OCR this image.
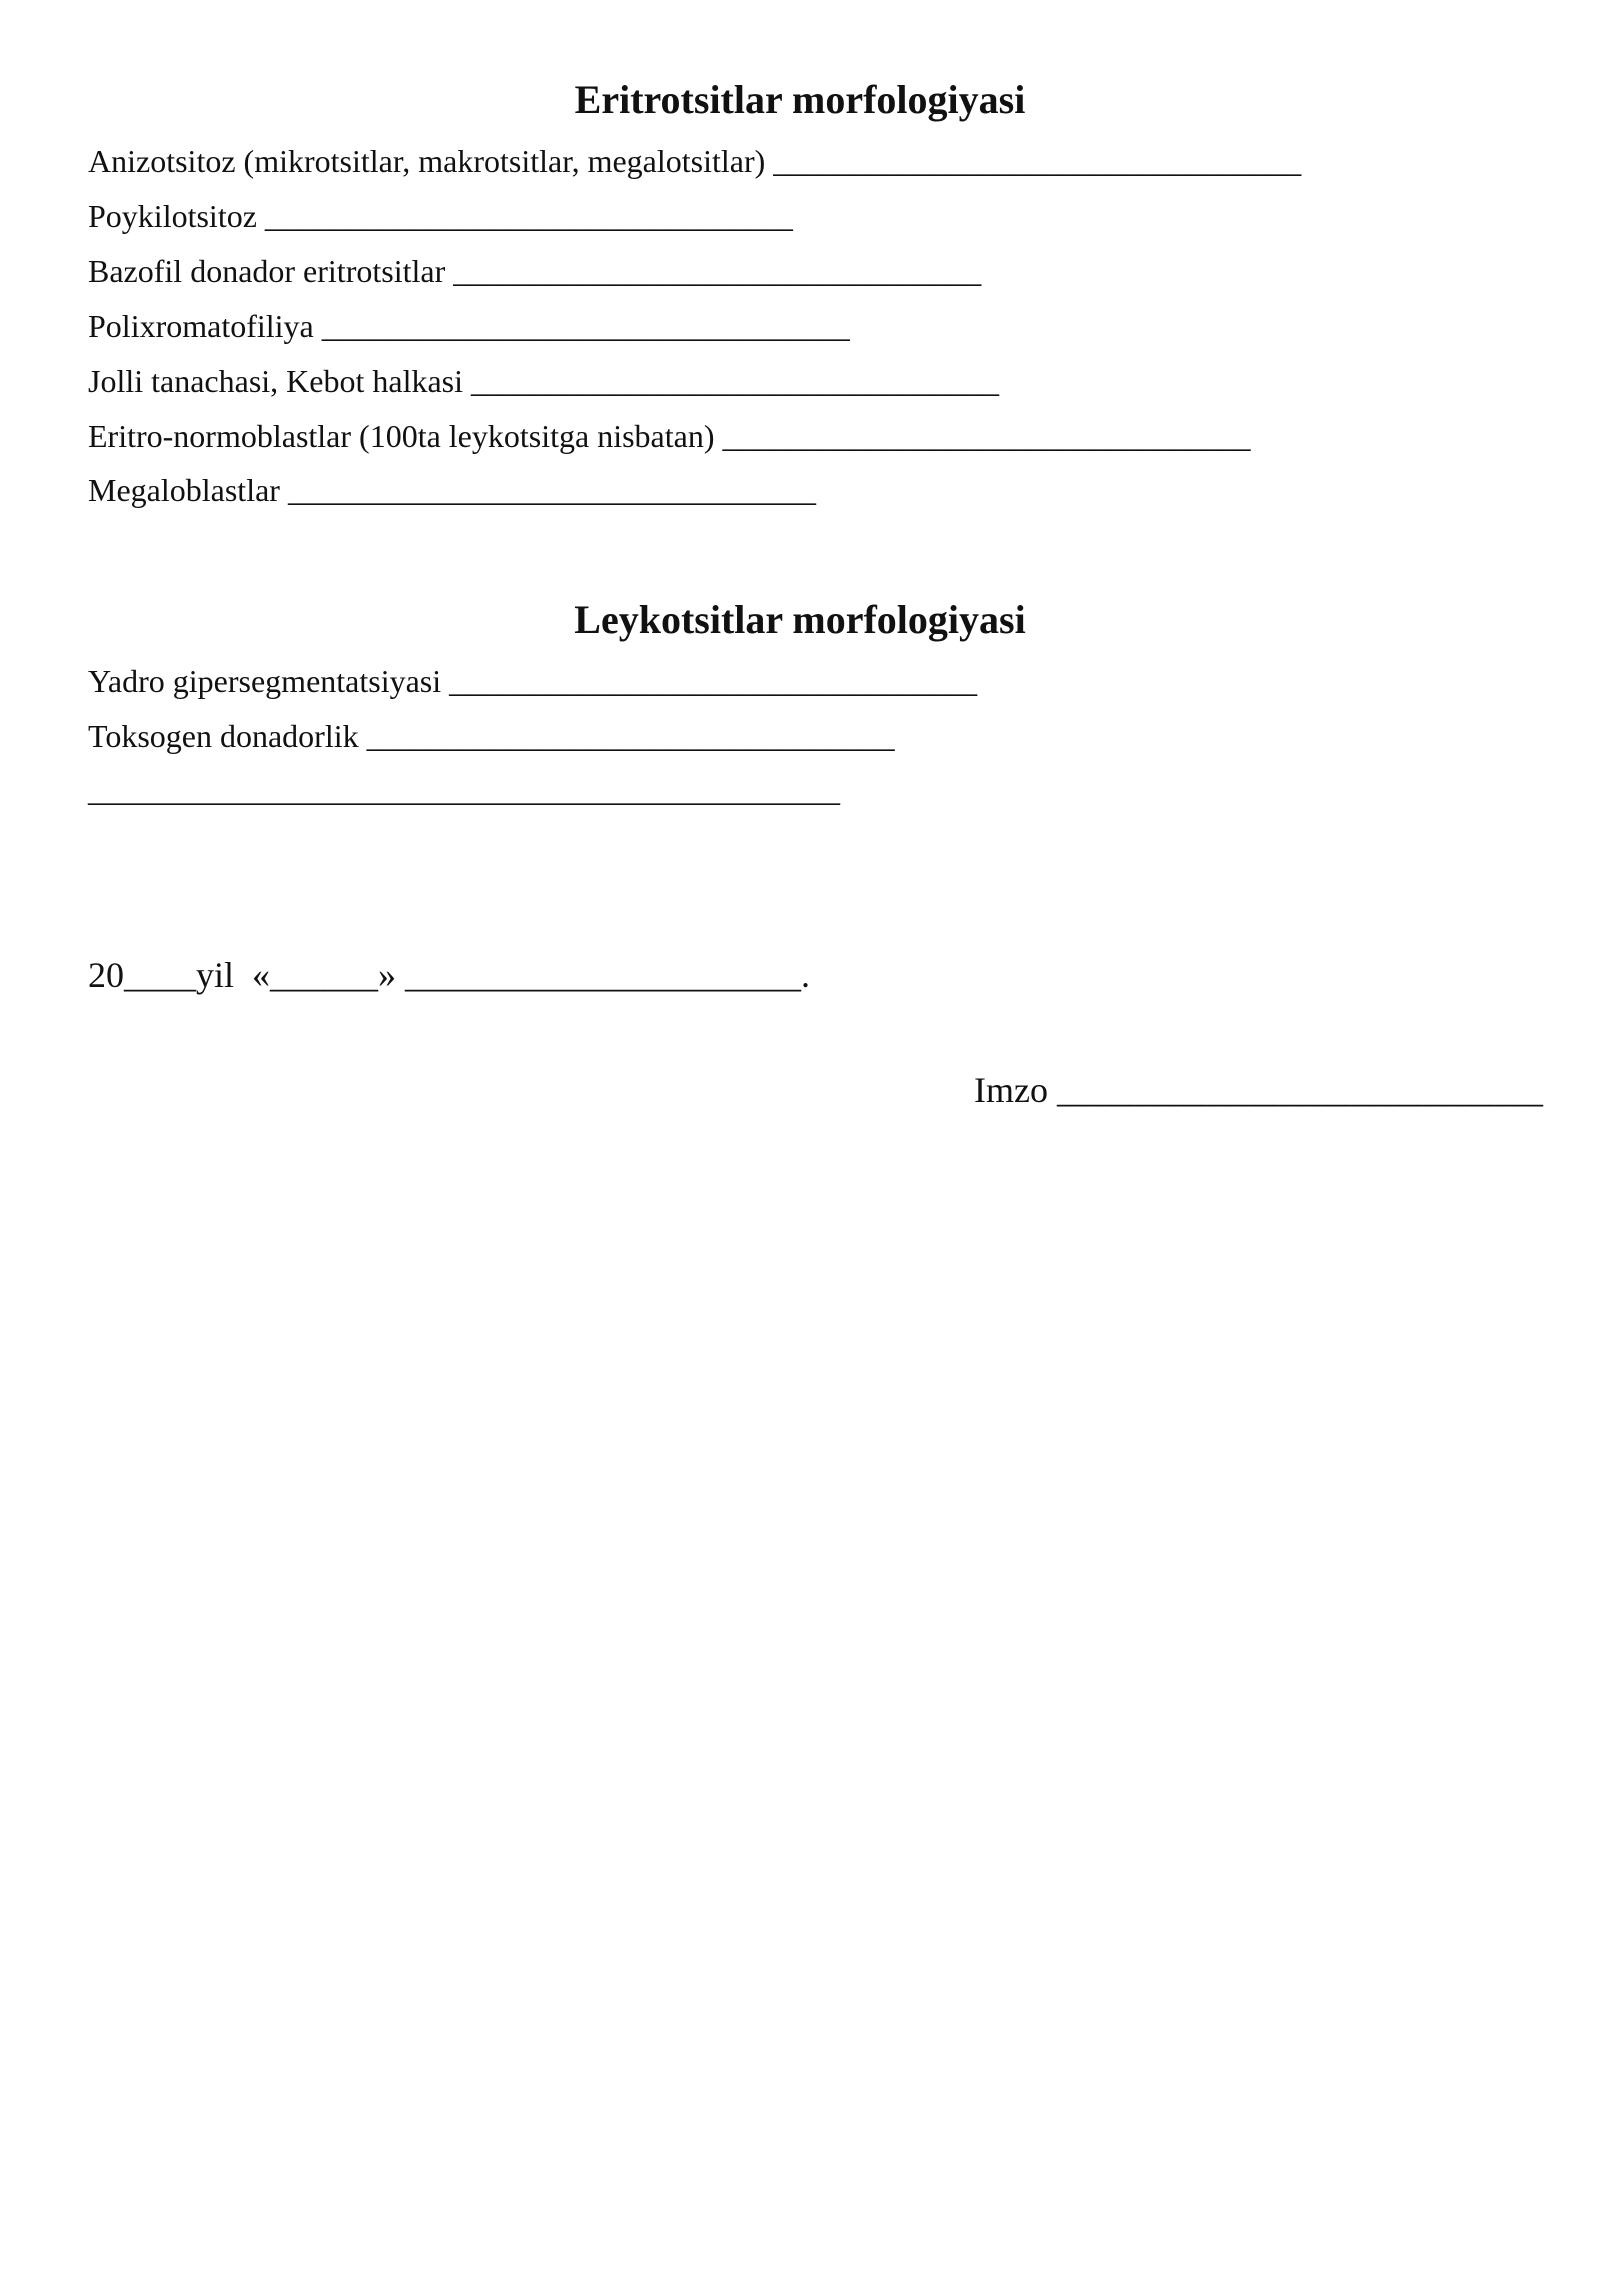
Eritrotsitlar morfologiyasi

Anizotsitoz (mikrotsitlar, makrotsitlar, megalotsitlar) _________________________________

Poykilotsitoz _________________________________

Bazofil donador eritrotsitlar _________________________________

Polixromatofiliya _________________________________

Jolli tanachasi, Kebot halkasi _________________________________

Eritro-normoblastlar (100ta leykotsitga nisbatan) _________________________________

Megaloblastlar _________________________________

Leykotsitlar morfologiyasi

Yadro gipersegmentatsiyasi _________________________________

Toksogen donadorlik _________________________________

_______________________________________________

20____yil  «______» ______________________.
Imzo ___________________________
